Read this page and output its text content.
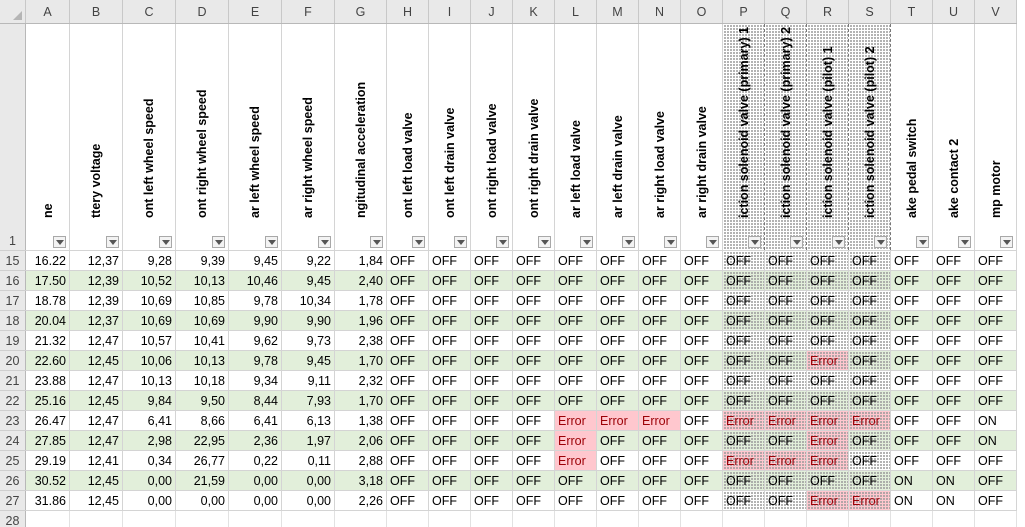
	A	B	C	D	E	F	G	H	I	J	K	L	M	N	O	P	Q	R	S	T	U	V
1	ne	ttery voltage	ont left wheel speed	ont right wheel speed	ar left wheel speed	ar right wheel speed	ngitudinal acceleration	ont left load valve	ont left drain valve	ont right load valve	ont right drain valve	ar left load valve	ar left drain valve	ar right load valve	ar right drain valve	iction solenoid valve (primary) 1	iction solenoid valve (primary) 2	iction solenoid valve (pilot) 1	iction solenoid valve (pilot) 2	ake pedal switch	ake contact 2	mp motor

15	16.22	12,37	9,28	9,39	9,45	9,22	1,84	OFF	OFF	OFF	OFF	OFF	OFF	OFF	OFF	OFF	OFF	OFF	OFF	OFF	OFF	OFF
16	17.50	12,39	10,52	10,13	10,46	9,45	2,40	OFF	OFF	OFF	OFF	OFF	OFF	OFF	OFF	OFF	OFF	OFF	OFF	OFF	OFF	OFF
17	18.78	12,39	10,69	10,85	9,78	10,34	1,78	OFF	OFF	OFF	OFF	OFF	OFF	OFF	OFF	OFF	OFF	OFF	OFF	OFF	OFF	OFF
18	20.04	12,37	10,69	10,69	9,90	9,90	1,96	OFF	OFF	OFF	OFF	OFF	OFF	OFF	OFF	OFF	OFF	OFF	OFF	OFF	OFF	OFF
19	21.32	12,47	10,57	10,41	9,62	9,73	2,38	OFF	OFF	OFF	OFF	OFF	OFF	OFF	OFF	OFF	OFF	OFF	OFF	OFF	OFF	OFF
20	22.60	12,45	10,06	10,13	9,78	9,45	1,70	OFF	OFF	OFF	OFF	OFF	OFF	OFF	OFF	OFF	OFF	Error	OFF	OFF	OFF	OFF
21	23.88	12,47	10,13	10,18	9,34	9,11	2,32	OFF	OFF	OFF	OFF	OFF	OFF	OFF	OFF	OFF	OFF	OFF	OFF	OFF	OFF	OFF
22	25.16	12,45	9,84	9,50	8,44	7,93	1,70	OFF	OFF	OFF	OFF	OFF	OFF	OFF	OFF	OFF	OFF	OFF	OFF	OFF	OFF	OFF
23	26.47	12,47	6,41	8,66	6,41	6,13	1,38	OFF	OFF	OFF	OFF	Error	Error	Error	OFF	Error	Error	Error	Error	OFF	OFF	ON
24	27.85	12,47	2,98	22,95	2,36	1,97	2,06	OFF	OFF	OFF	OFF	Error	OFF	OFF	OFF	OFF	OFF	Error	OFF	OFF	OFF	ON
25	29.19	12,41	0,34	26,77	0,22	0,11	2,88	OFF	OFF	OFF	OFF	Error	OFF	OFF	OFF	Error	Error	Error	OFF	OFF	OFF	OFF
26	30.52	12,45	0,00	21,59	0,00	0,00	3,18	OFF	OFF	OFF	OFF	OFF	OFF	OFF	OFF	OFF	OFF	OFF	OFF	ON	ON	OFF
27	31.86	12,45	0,00	0,00	0,00	0,00	2,26	OFF	OFF	OFF	OFF	OFF	OFF	OFF	OFF	OFF	OFF	Error	Error	ON	ON	OFF
28																						
